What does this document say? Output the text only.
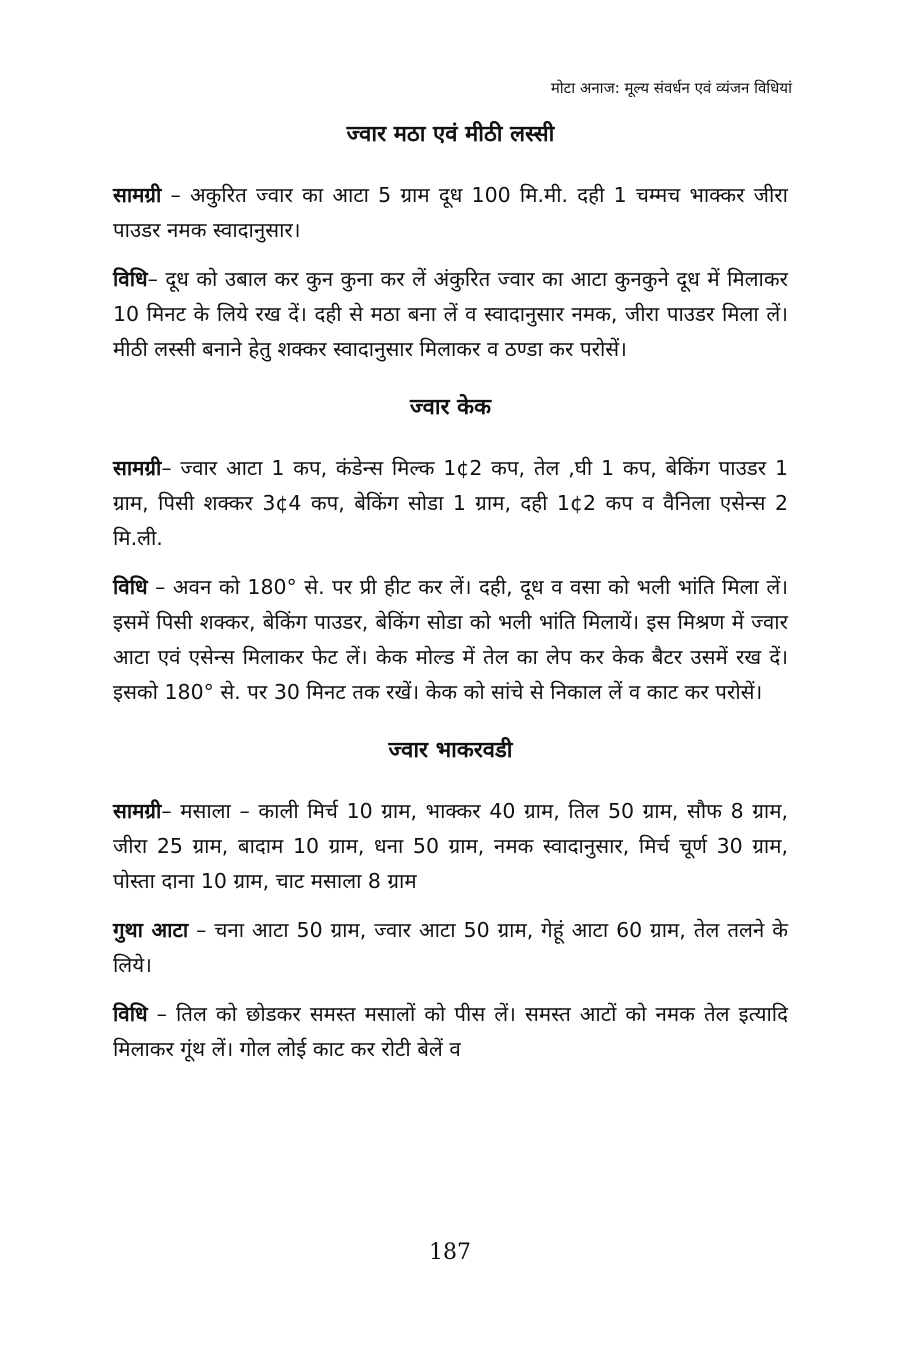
मोटा अनाज: मूल्य संवर्धन एवं व्यंजन विधियां
ज्वार मठा एवं मीठी लस्सी

सामग्री – अकुरित ज्वार का आटा 5 ग्राम दूध 100 मि.मी. दही 1 चम्मच भाक्कर जीरा पाउडर नमक स्वादानुसार।

विधि– दूध को उबाल कर कुन कुना कर लें अंकुरित ज्वार का आटा कुनकुने दूध में मिलाकर 10 मिनट के लिये रख दें। दही से मठा बना लें व स्वादानुसार नमक, जीरा पाउडर मिला लें। मीठी लस्सी बनाने हेतु शक्कर स्वादानुसार मिलाकर व ठण्डा कर परोसें।

ज्वार केक

सामग्री– ज्वार आटा 1 कप, कंडेन्स मिल्क 1¢2 कप, तेल ,घी 1 कप, बेकिंग पाउडर 1 ग्राम, पिसी शक्कर 3¢4 कप, बेकिंग सोडा 1 ग्राम, दही 1¢2 कप व वैनिला एसेन्स 2 मि.ली.

विधि – अवन को 180° से. पर प्री हीट कर लें। दही, दूध व वसा को भली भांति मिला लें। इसमें पिसी शक्कर, बेकिंग पाउडर, बेकिंग सोडा को भली भांति मिलायें। इस मिश्रण में ज्वार आटा एवं एसेन्स मिलाकर फेट लें। केक मोल्ड में तेल का लेप कर केक बैटर उसमें रख दें। इसको 180° से. पर 30 मिनट तक रखें। केक को सांचे से निकाल लें व काट कर परोसें।

ज्वार भाकरवडी

सामग्री– मसाला – काली मिर्च 10 ग्राम, भाक्कर 40 ग्राम, तिल 50 ग्राम, सौफ 8 ग्राम, जीरा 25 ग्राम, बादाम 10 ग्राम, धना 50 ग्राम, नमक स्वादानुसार, मिर्च चूर्ण 30 ग्राम, पोस्ता दाना 10 ग्राम, चाट मसाला 8 ग्राम

गुथा आटा – चना आटा 50 ग्राम, ज्वार आटा 50 ग्राम, गेहूं आटा 60 ग्राम, तेल तलने के लिये।

विधि – तिल को छोडकर समस्त मसालों को पीस लें। समस्त आटों को नमक तेल इत्यादि मिलाकर गूंथ लें। गोल लोई काट कर रोटी बेलें व

187
